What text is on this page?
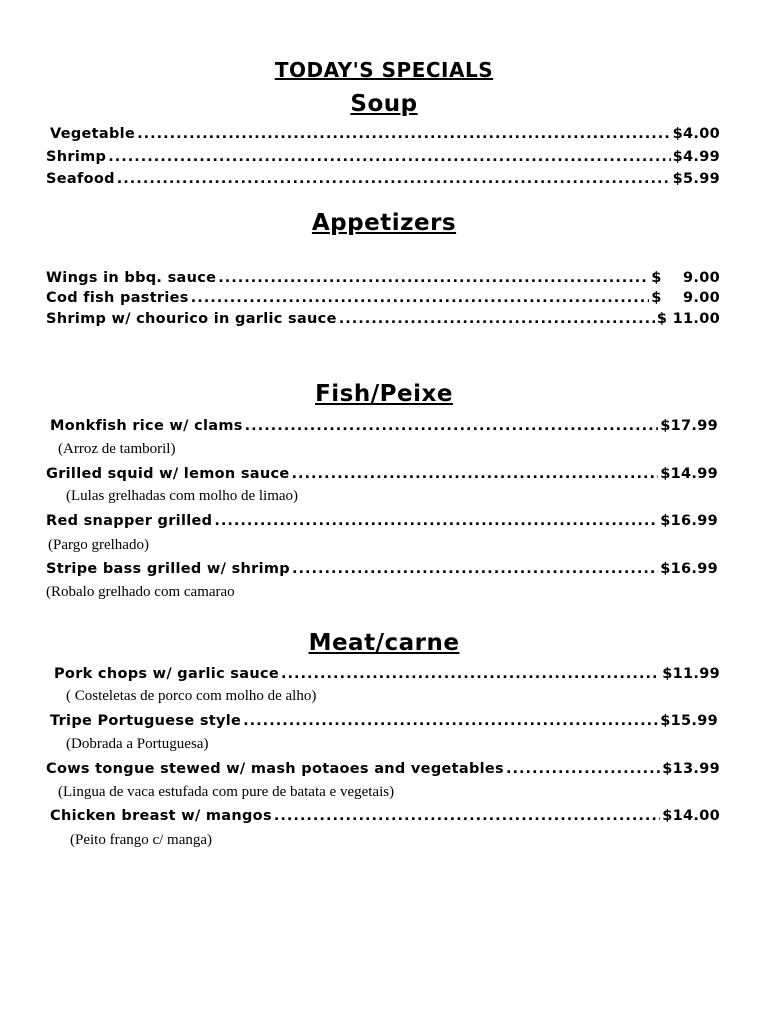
TODAY'S SPECIALS
Soup
Vegetable .....	$4.00
Shrimp .....	$4.99
Seafood .....	$5.99
Appetizers
Wings in bbq. sauce .....	$    9.00
Cod fish pastries .....	$    9.00
Shrimp w/ chourico in garlic sauce .....	$ 11.00
Fish/Peixe
Monkfish rice w/ clams .....	$17.99
(Arroz de tamboril)
Grilled squid w/ lemon sauce .....	$14.99
(Lulas grelhadas com molho de limao)
Red snapper grilled .....	$16.99
(Pargo grelhado)
Stripe bass grilled w/ shrimp .....	$16.99
(Robalo grelhado com camarao
Meat/carne
Pork chops w/ garlic sauce .....	$11.99
( Costeletas de porco com molho de alho)
Tripe Portuguese style .....	$15.99
(Dobrada a Portuguesa)
Cows tongue stewed w/ mash potaoes and vegetables .....	$13.99
(Lingua de vaca estufada com pure de batata e vegetais)
Chicken breast w/ mangos .....	$14.00
(Peito frango c/ manga)
